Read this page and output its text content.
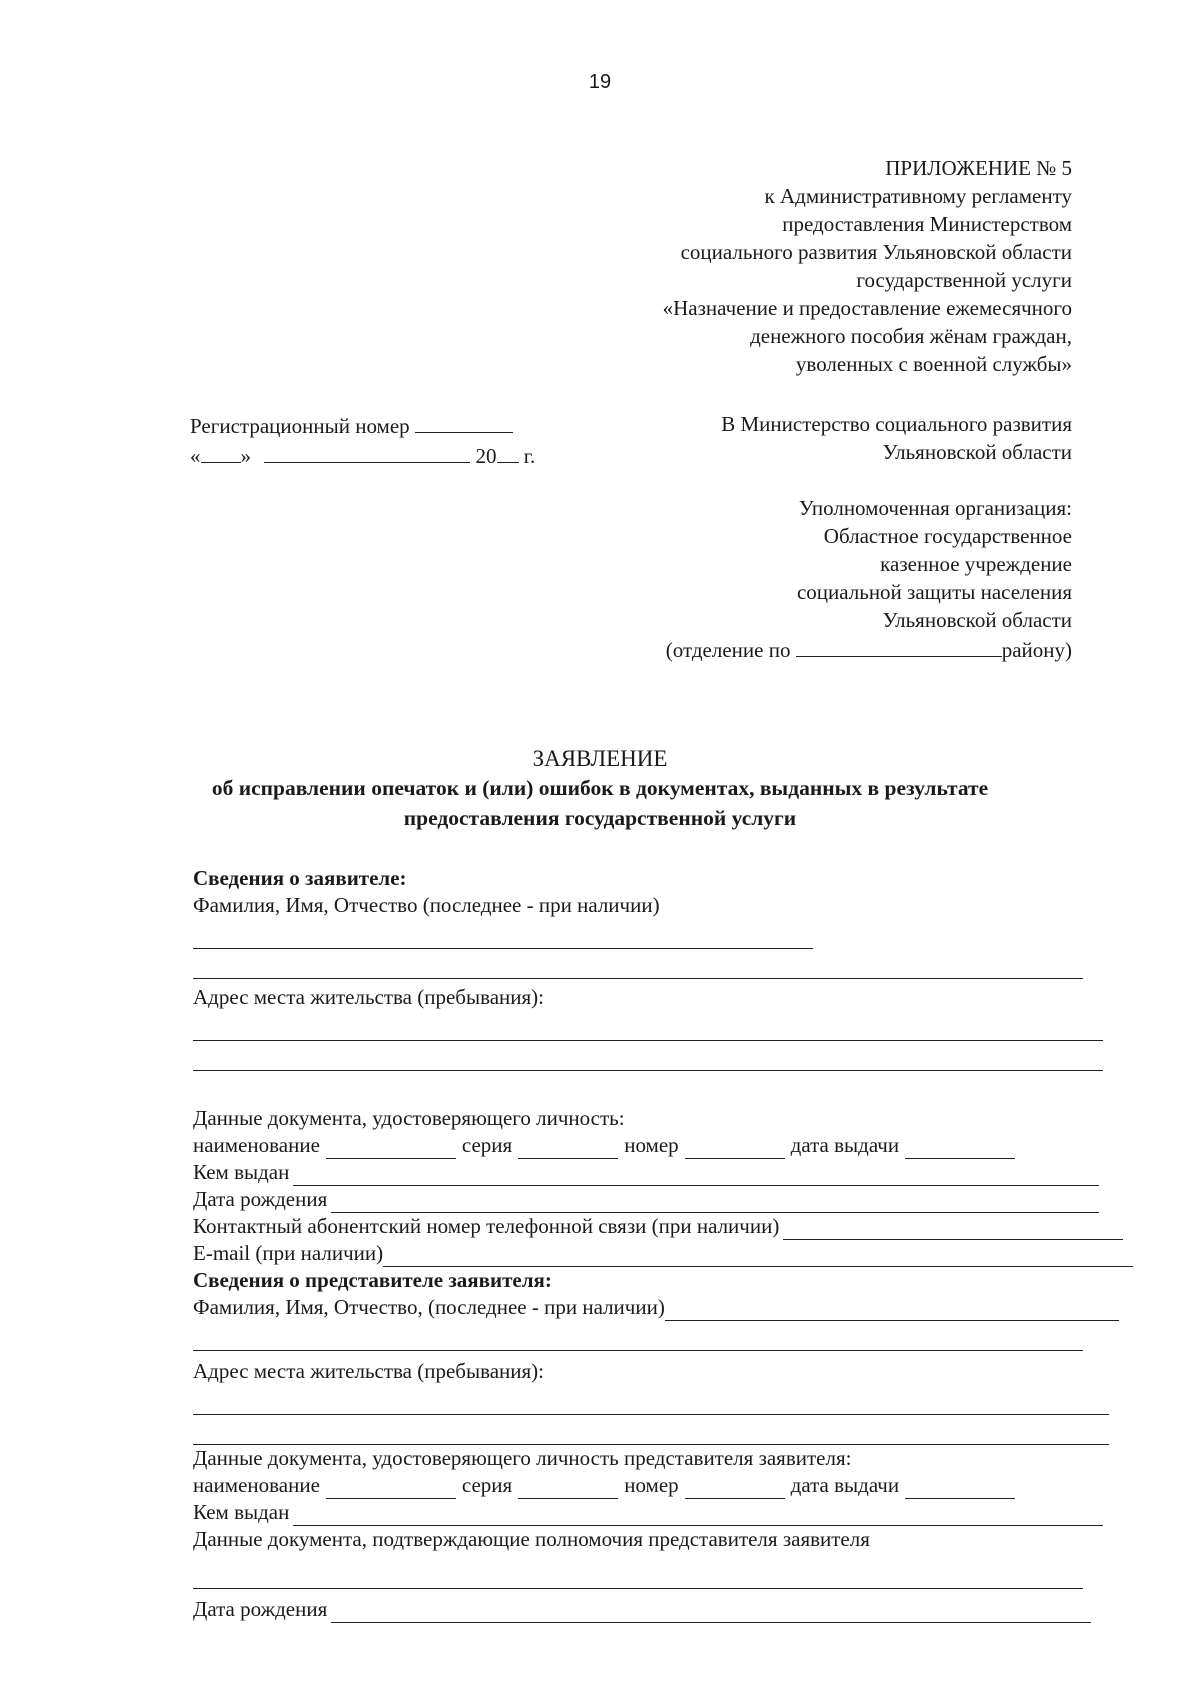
19
ПРИЛОЖЕНИЕ № 5
к Административному регламенту
предоставления Министерством
социального развития Ульяновской области
государственной услуги
«Назначение и предоставление ежемесячного
денежного пособия жёнам граждан,
уволенных с военной службы»
Регистрационный номер
« »	20 г.
В Министерство социального развития
Ульяновской области
Уполномоченная организация:
Областное государственное
казенное учреждение
социальной защиты населения
Ульяновской области
(отделение по	району)
ЗАЯВЛЕНИЕ
об исправлении опечаток и (или) ошибок в документах, выданных в результате
предоставления государственной услуги
Сведения о заявителе:
Фамилия, Имя, Отчество (последнее - при наличии)
Адрес места жительства (пребывания):
Данные документа, удостоверяющего личность:
наименование	серия	номер	дата выдачи
Кем выдан
Дата рождения
Контактный абонентский номер телефонной связи (при наличии)
E-mail (при наличии)
Сведения о представителе заявителя:
Фамилия, Имя, Отчество, (последнее - при наличии)
Адрес места жительства (пребывания):
Данные документа, удостоверяющего личность представителя заявителя:
наименование	серия	номер	дата выдачи
Кем выдан
Данные документа, подтверждающие полномочия представителя заявителя
Дата рождения
